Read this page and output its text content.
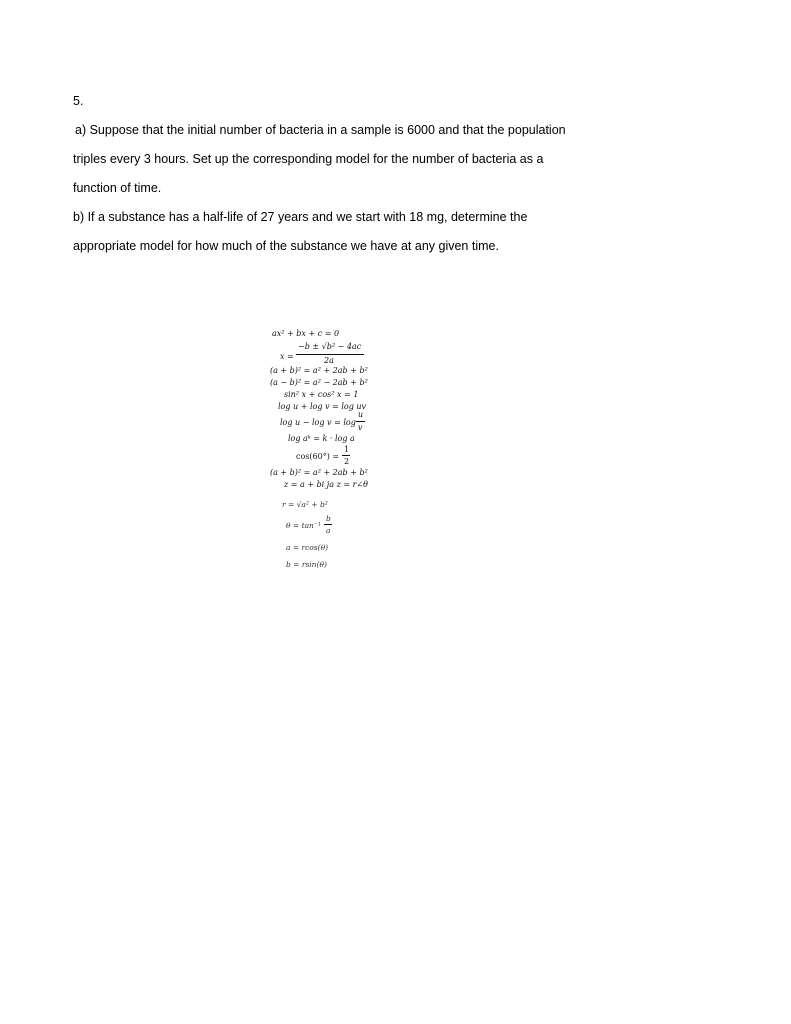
5.
a) Suppose that the initial number of bacteria in a sample is 6000 and that the population
triples every 3 hours. Set up the corresponding model for the number of bacteria as a
function of time.
b) If a substance has a half-life of 27 years and we start with 18 mg, determine the
appropriate model for how much of the substance we have at any given time.
ax² + bx + c = 0
x =
−b ± √b² − 4ac
2a
(a + b)² = a² + 2ab + b²
(a − b)² = a² − 2ab + b²
sin² x + cos² x = 1
log u + log v = log uv
log u − log v = log
u
v
log aᵏ = k · log a
cos(60°) =
1
2
(a + b)² = a² + 2ab + b²
z = a + bi ja z = r∠θ
r = √a² + b²
θ = tan⁻¹
b
a
a = rcos(θ)
b = rsin(θ)
